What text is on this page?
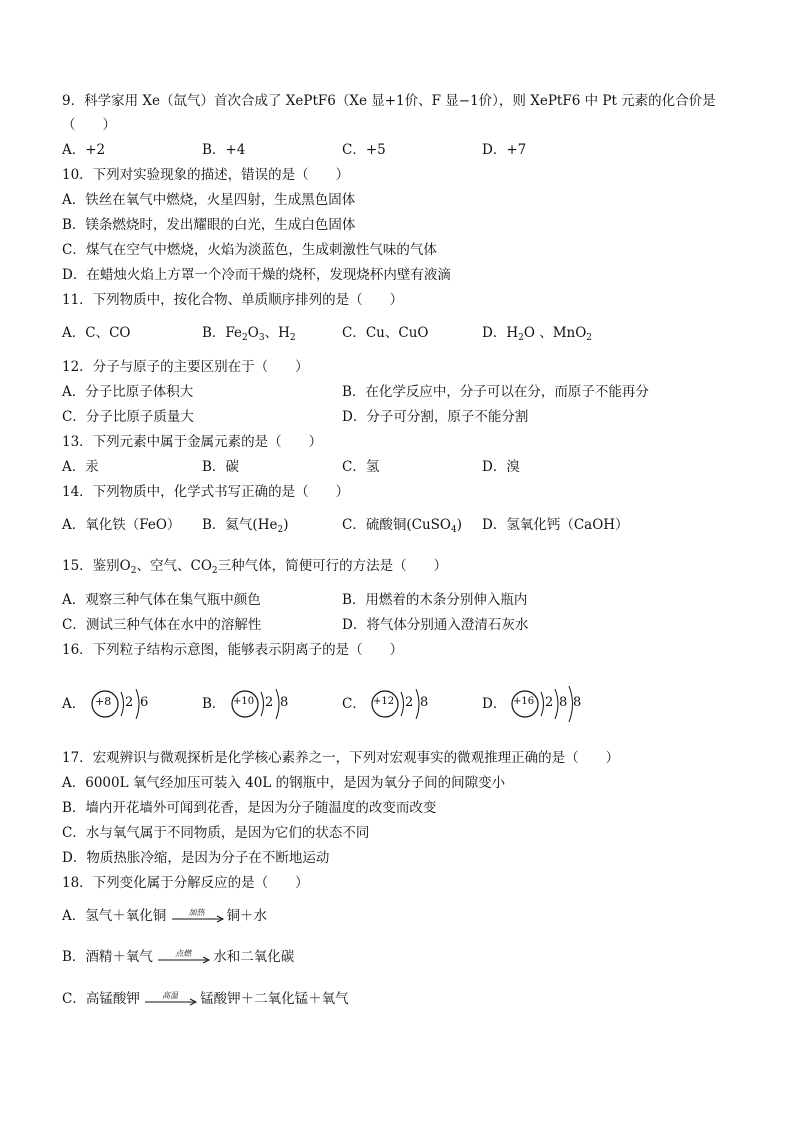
9．科学家用 Xe（氙气）首次合成了 XePtF6（Xe 显+1价、F 显−1价），则 XePtF6 中 Pt 元素的化合价是
（　　）
A．+2	B．+4	C．+5	D．+7
10．下列对实验现象的描述，错误的是（　　）
A．铁丝在氧气中燃烧，火星四射，生成黑色固体
B．镁条燃烧时，发出耀眼的白光，生成白色固体
C．煤气在空气中燃烧，火焰为淡蓝色，生成刺激性气味的气体
D．在蜡烛火焰上方罩一个冷而干燥的烧杯，发现烧杯内壁有液滴
11．下列物质中，按化合物、单质顺序排列的是（　　）
A．C、CO	B．$Fe_2O_3$、$H_2$	C．Cu、CuO	D．$H_2O$ 、MnO$_2$
12．分子与原子的主要区别在于（　　）
A．分子比原子体积大	B．在化学反应中，分子可以在分，而原子不能再分
C．分子比原子质量大	D．分子可分割，原子不能分割
13．下列元素中属于金属元素的是（　　）
A．汞	B．碳	C．氢	D．溴
14．下列物质中，化学式书写正确的是（　　）
A．氧化铁（FeO） B．氦气$(He_2)$	C．硫酸铜(CuSO$_4$) D．氢氧化钙（CaOH）
15．鉴别$O_2$、空气、$CO_2$三种气体，简便可行的方法是（　　）
A．观察三种气体在集气瓶中颜色	B．用燃着的木条分别伸入瓶内
C．测试三种气体在水中的溶解性	D．将气体分别通入澄清石灰水
16．下列粒子结构示意图，能够表示阴离子的是（　　）
A． +8 2 6	B． +10 2 8	C． +12 2 8	D． +16 2 8 8
17．宏观辨识与微观探析是化学核心素养之一，下列对宏观事实的微观推理正确的是（　　）
A．6000L 氧气经加压可装入 40L 的钢瓶中，是因为氧分子间的间隙变小
B．墙内开花墙外可闻到花香，是因为分子随温度的改变而改变
C．水与氧气属于不同物质，是因为它们的状态不同
D．物质热胀冷缩，是因为分子在不断地运动
18．下列变化属于分解反应的是（　　）
A．氢气＋氧化铜	加热	铜＋水
B．酒精＋氧气	点燃	水和二氧化碳
C．高锰酸钾	高温	锰酸钾＋二氧化锰＋氧气
